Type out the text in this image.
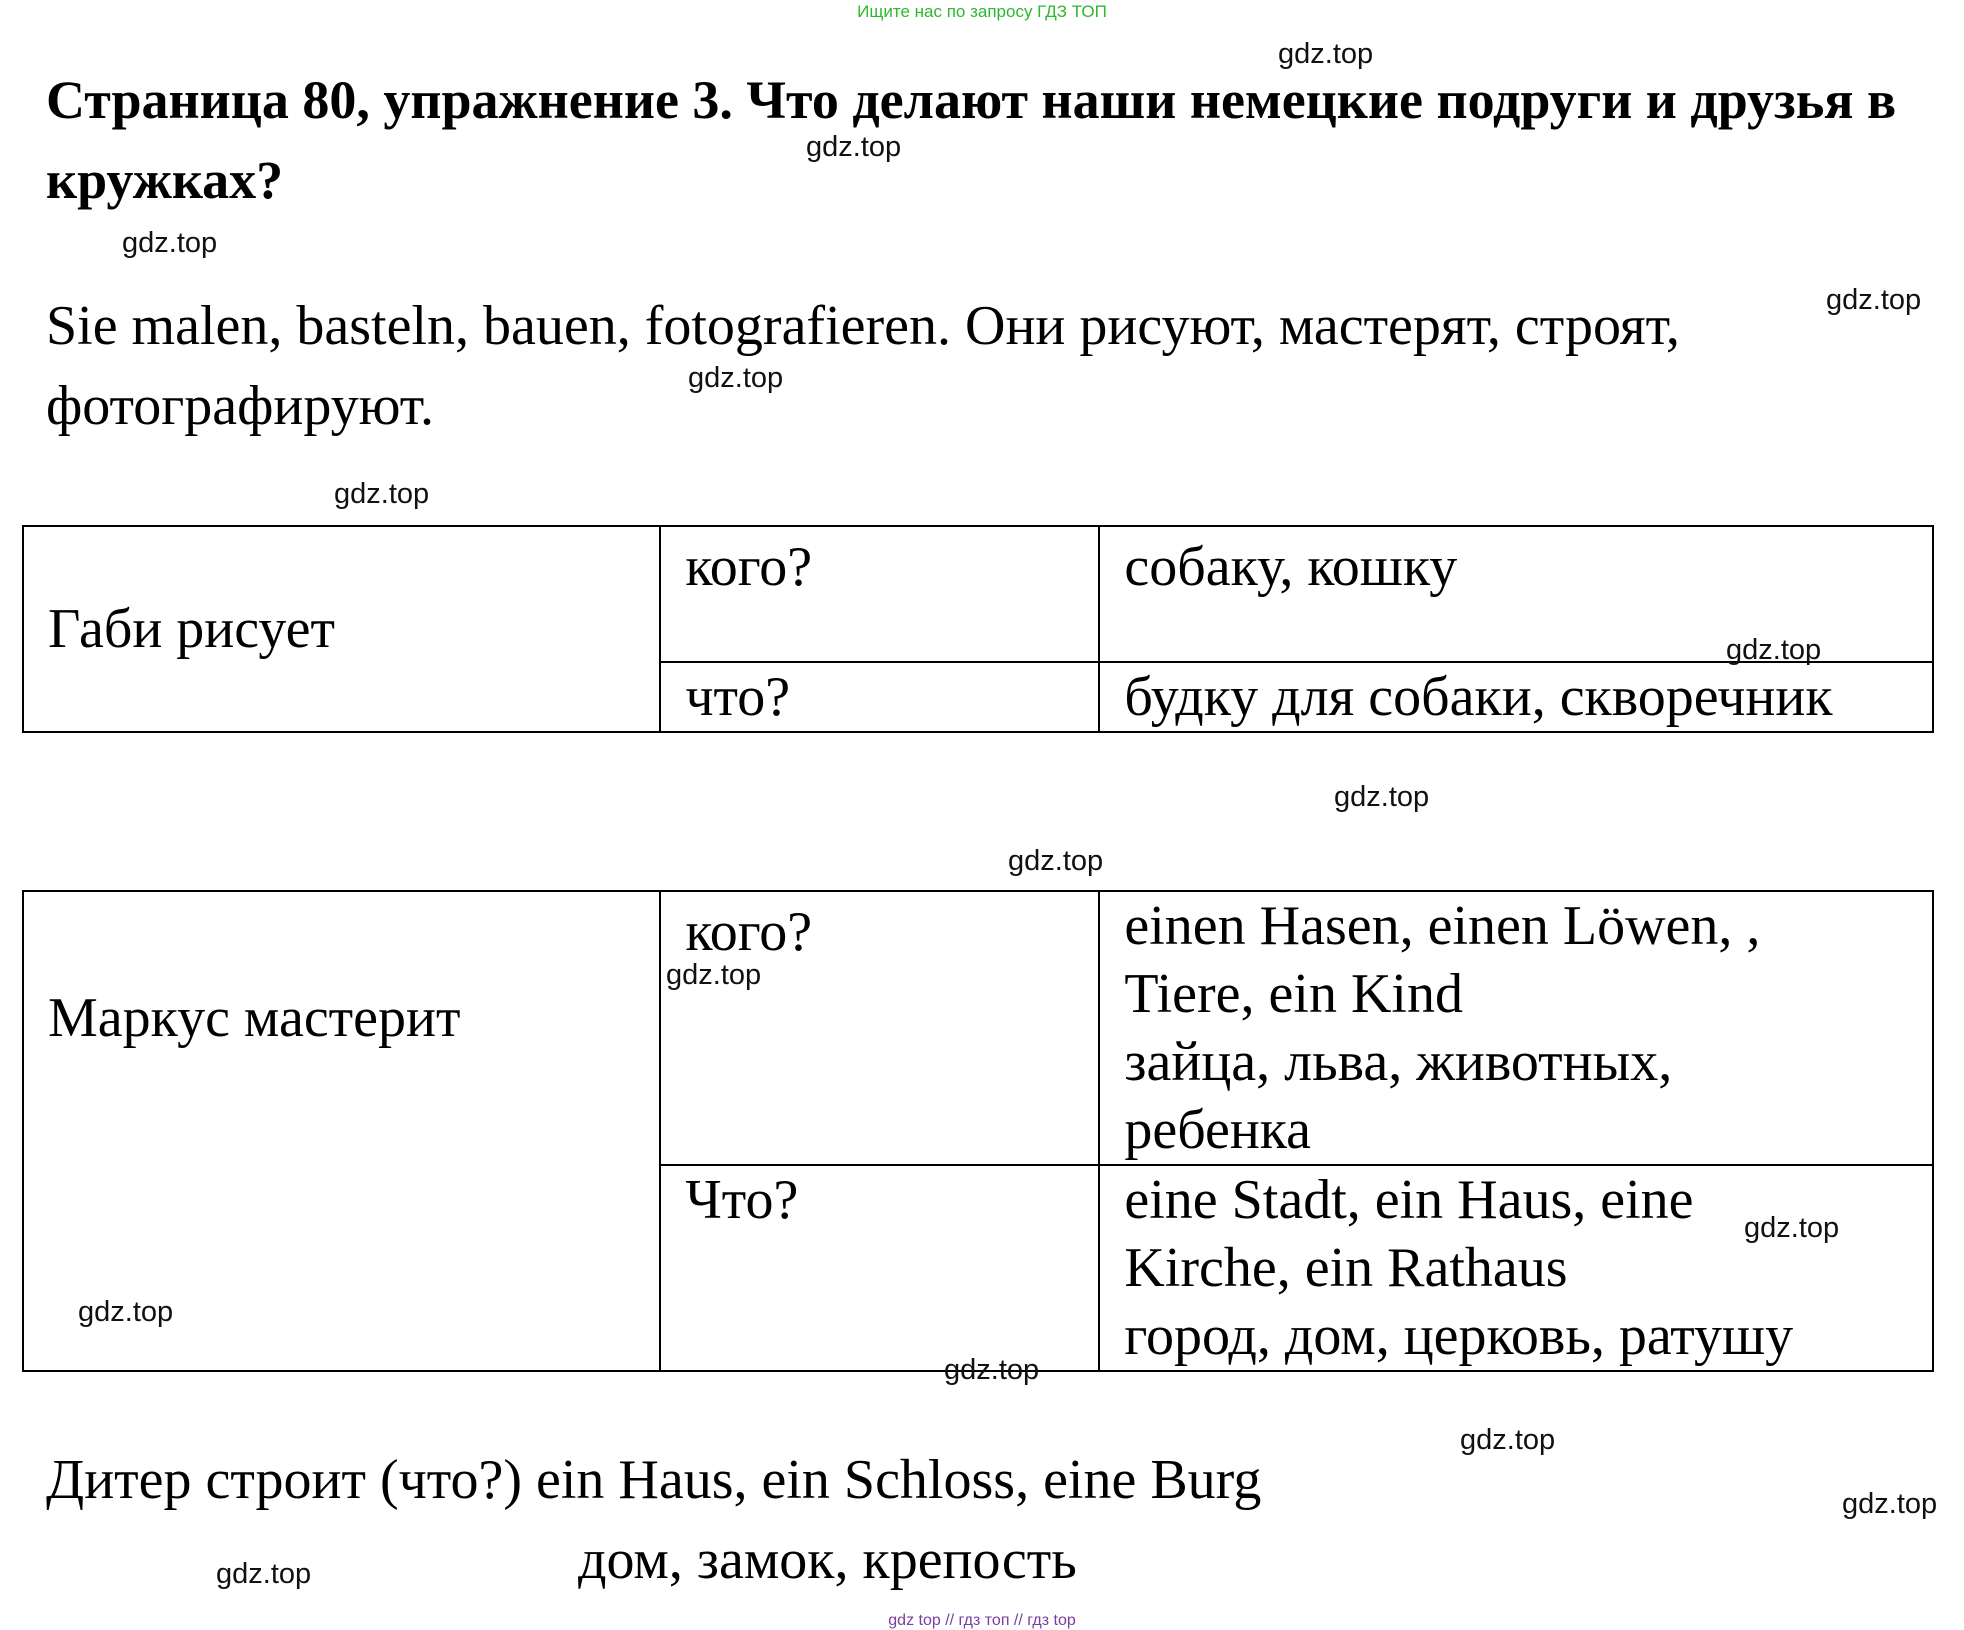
Ищите нас по запросу ГДЗ ТОП
Страница 80, упражнение 3. Что делают наши немецкие подруги и друзья в кружках?

Sie malen, basteln, bauen, fotografieren. Они рисуют, мастерят, строят, фотографируют.

Габи рисует	кого?	собаку, кошку

	что?	будку для собаки, скворечник
Маркус мастерит	кого?	einen Hasen, einen Löwen, ,
Tiere, ein Kind
зайца, льва, животных,
ребенка

	Что?	eine Stadt, ein Haus, eine
Kirche, ein Rathaus
город, дом, церковь, ратушу

Дитер строит (что?) ein Haus, ein Schloss, eine Burg

дом, замок, крепость

gdz.top
gdz.top
gdz.top
gdz.top
gdz.top
gdz.top
gdz.top
gdz.top
gdz.top
gdz.top
gdz.top
gdz.top
gdz.top
gdz.top
gdz.top
gdz.top
gdz top // гдз топ // гдз top
